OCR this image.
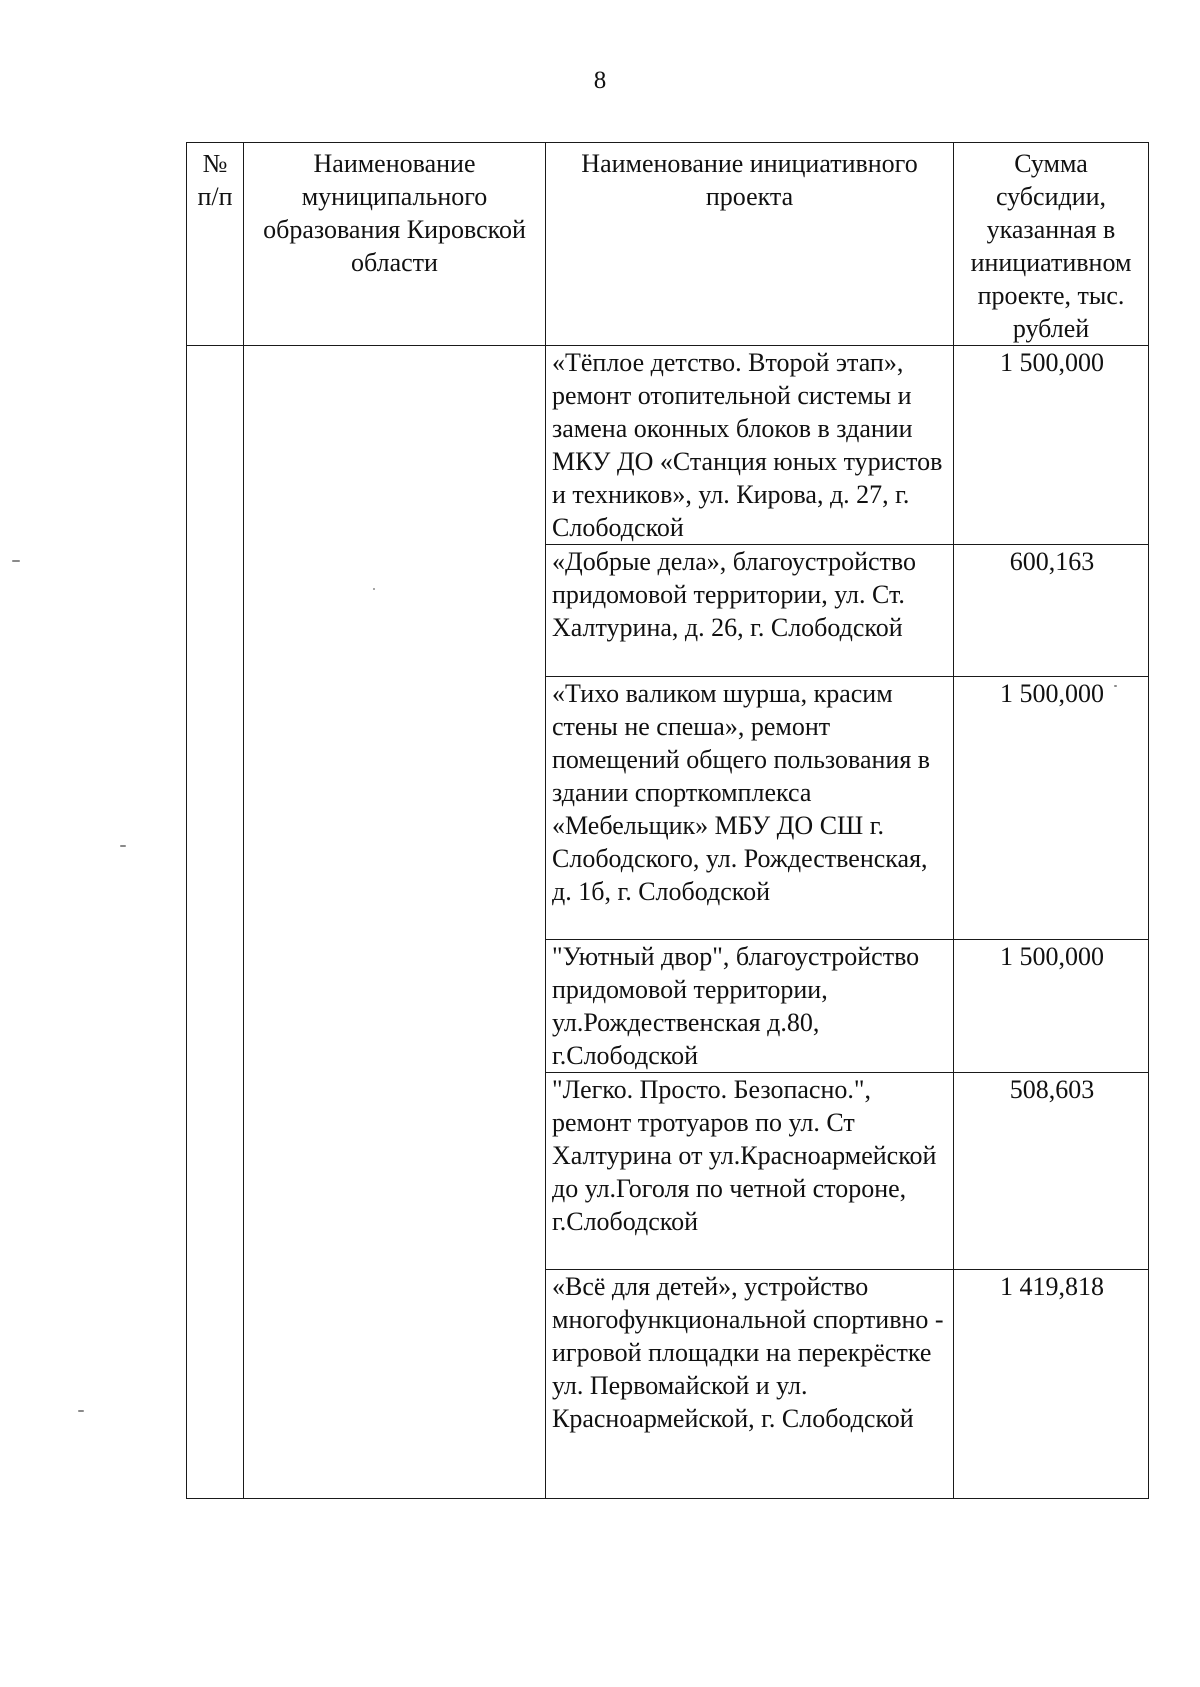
8
№ п/п	Наименование муниципального образования Кировской области	Наименование инициативного проекта	Сумма субсидии, указанная в инициативном проекте, тыс. рублей
		«Тёплое детство. Второй этап», ремонт отопительной системы и замена оконных блоков в здании МКУ ДО «Станция юных туристов и техников», ул. Кирова, д. 27, г. Слободской	1 500,000
		«Добрые дела», благоустройство придомовой территории, ул. Ст. Халтурина, д. 26, г. Слободской	600,163
		«Тихо валиком шурша, красим стены не спеша», ремонт помещений общего пользования в здании спорткомплекса «Мебельщик» МБУ ДО СШ г. Слободского, ул. Рождественская, д. 1б, г. Слободской	1 500,000
		"Уютный двор", благоустройство придомовой территории, ул.Рождественская д.80, г.Слободской	1 500,000
		"Легко. Просто. Безопасно.", ремонт тротуаров по ул. Ст Халтурина от ул.Красноармейской до ул.Гоголя по четной стороне, г.Слободской	508,603
		«Всё для детей», устройство многофункциональной спортивно - игровой площадки на перекрёстке ул. Первомайской и ул. Красноармейской, г. Слободской	1 419,818
